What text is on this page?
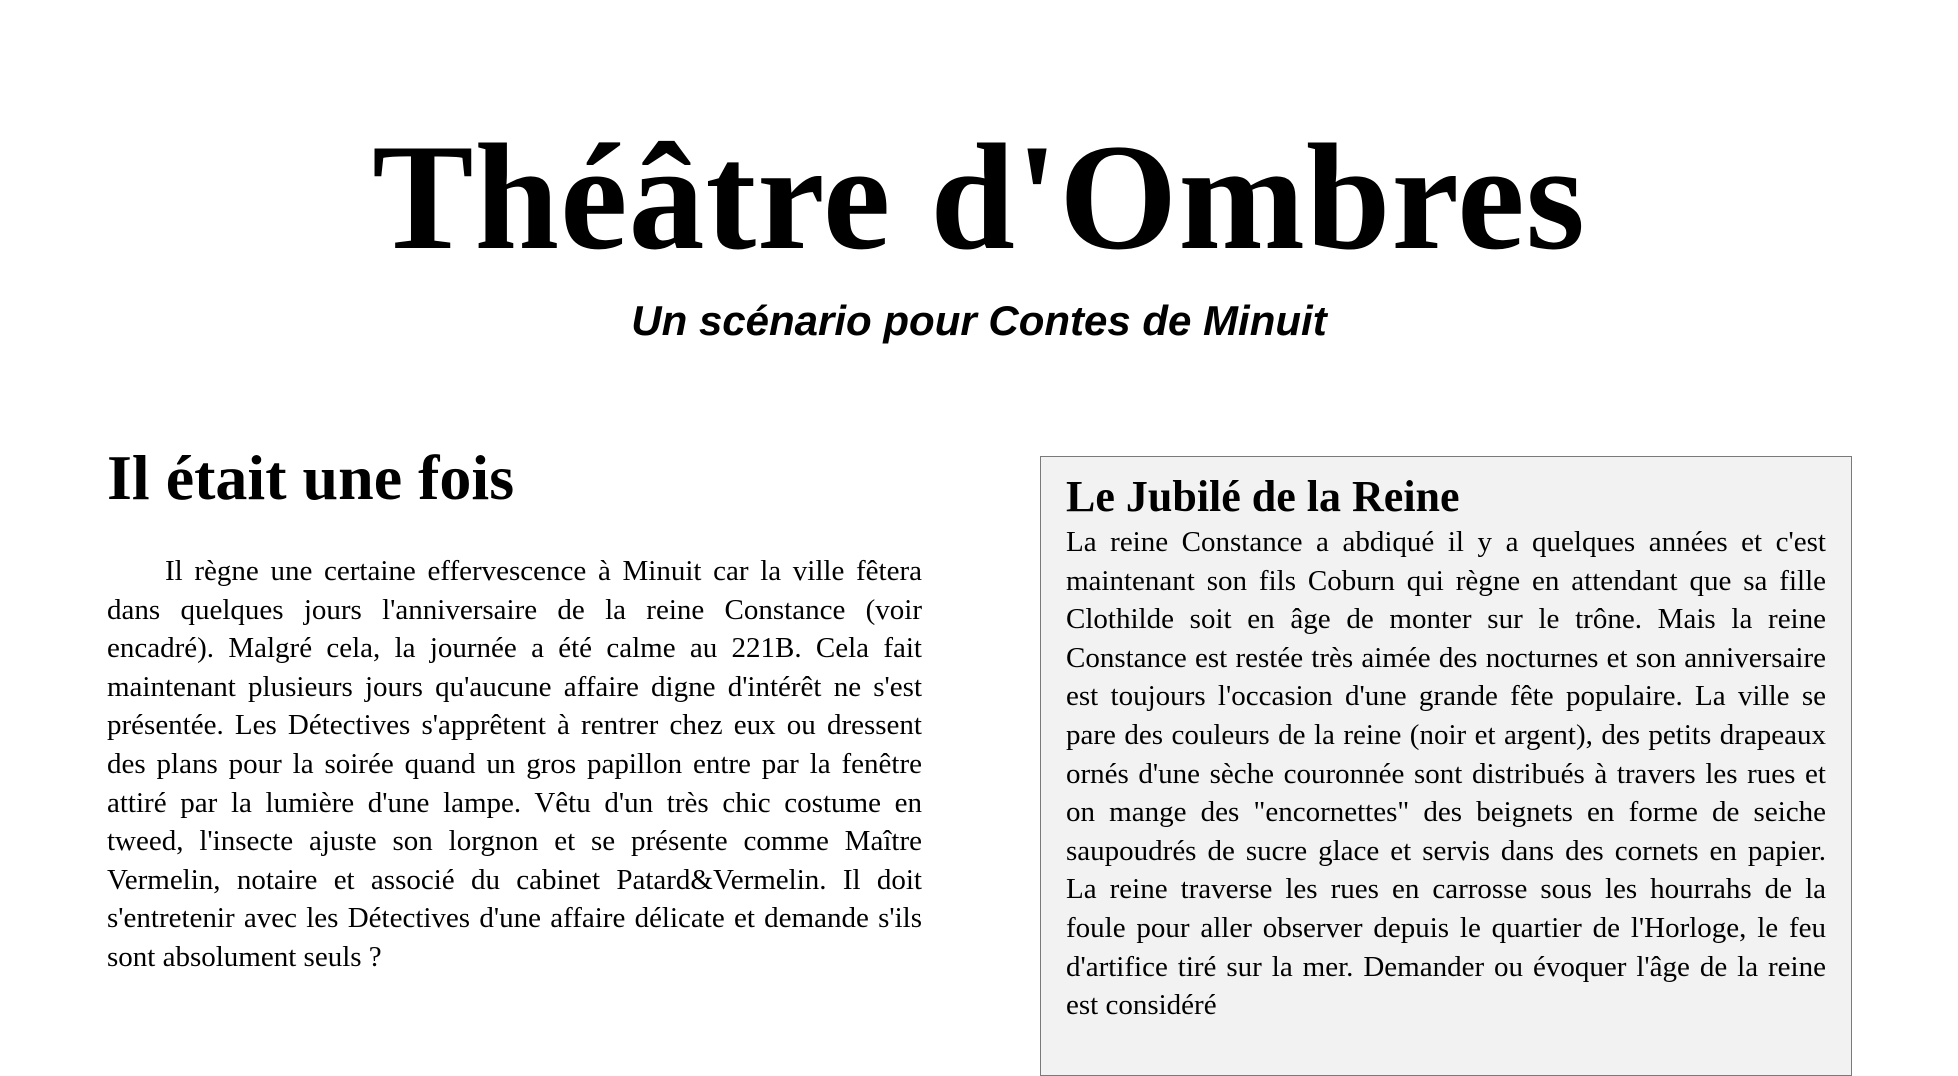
Théâtre d'Ombres
Un scénario pour Contes de Minuit
Il était une fois

Il règne une certaine effervescence à Minuit car la ville fêtera dans quelques jours l'anniversaire de la reine Constance (voir encadré). Malgré cela, la journée a été calme au 221B. Cela fait maintenant plusieurs jours qu'aucune affaire digne d'intérêt ne s'est présentée. Les Détectives s'apprêtent à rentrer chez eux ou dressent des plans pour la soirée quand un gros papillon entre par la fenêtre attiré par la lumière d'une lampe. Vêtu d'un très chic costume en tweed, l'insecte ajuste son lorgnon et se présente comme Maître Vermelin, notaire et associé du cabinet Patard&Vermelin. Il doit s'entretenir avec les Détectives d'une affaire délicate et demande s'ils sont absolument seuls ?

Le Jubilé de la Reine

La reine Constance a abdiqué il y a quelques années et c'est maintenant son fils Coburn qui règne en attendant que sa fille Clothilde soit en âge de monter sur le trône. Mais la reine Constance est restée très aimée des nocturnes et son anniversaire est toujours l'occasion d'une grande fête populaire. La ville se pare des couleurs de la reine (noir et argent), des petits drapeaux ornés d'une sèche couronnée sont distribués à travers les rues et on mange des "encornettes" des beignets en forme de seiche saupoudrés de sucre glace et servis dans des cornets en papier. La reine traverse les rues en carrosse sous les hourrahs de la foule pour aller observer depuis le quartier de l'Horloge, le feu d'artifice tiré sur la mer. Demander ou évoquer l'âge de la reine est considéré
